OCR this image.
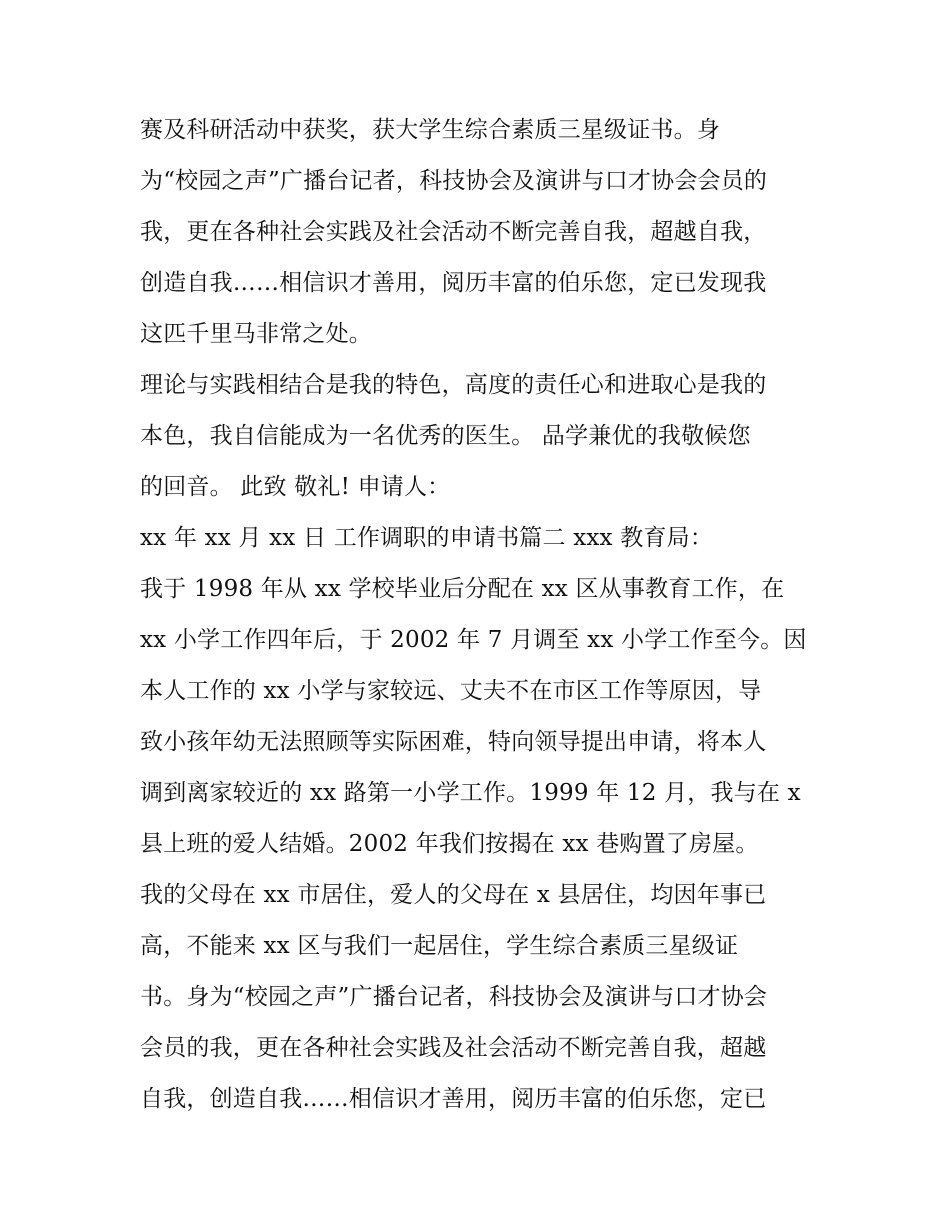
赛及科研活动中获奖，获大学生综合素质三星级证书。身
为“校园之声”广播台记者，科技协会及演讲与口才协会会员的
我，更在各种社会实践及社会活动不断完善自我，超越自我，
创造自我……相信识才善用，阅历丰富的伯乐您，定已发现我
这匹千里马非常之处。
理论与实践相结合是我的特色，高度的责任心和进取心是我的
本色，我自信能成为一名优秀的医生。 品学兼优的我敬候您
的回音。 此致 敬礼! 申请人：
xx 年 xx 月 xx 日 工作调职的申请书篇二 xxx 教育局：
我于 1998 年从 xx 学校毕业后分配在 xx 区从事教育工作，在
xx 小学工作四年后，于 2002 年 7 月调至 xx 小学工作至今。因
本人工作的 xx 小学与家较远、丈夫不在市区工作等原因，导
致小孩年幼无法照顾等实际困难，特向领导提出申请，将本人
调到离家较近的 xx 路第一小学工作。1999 年 12 月，我与在 x
县上班的爱人结婚。2002 年我们按揭在 xx 巷购置了房屋。
我的父母在 xx 市居住，爱人的父母在 x 县居住，均因年事已
高，不能来 xx 区与我们一起居住，学生综合素质三星级证
书。身为“校园之声”广播台记者，科技协会及演讲与口才协会
会员的我，更在各种社会实践及社会活动不断完善自我，超越
自我，创造自我……相信识才善用，阅历丰富的伯乐您，定已
